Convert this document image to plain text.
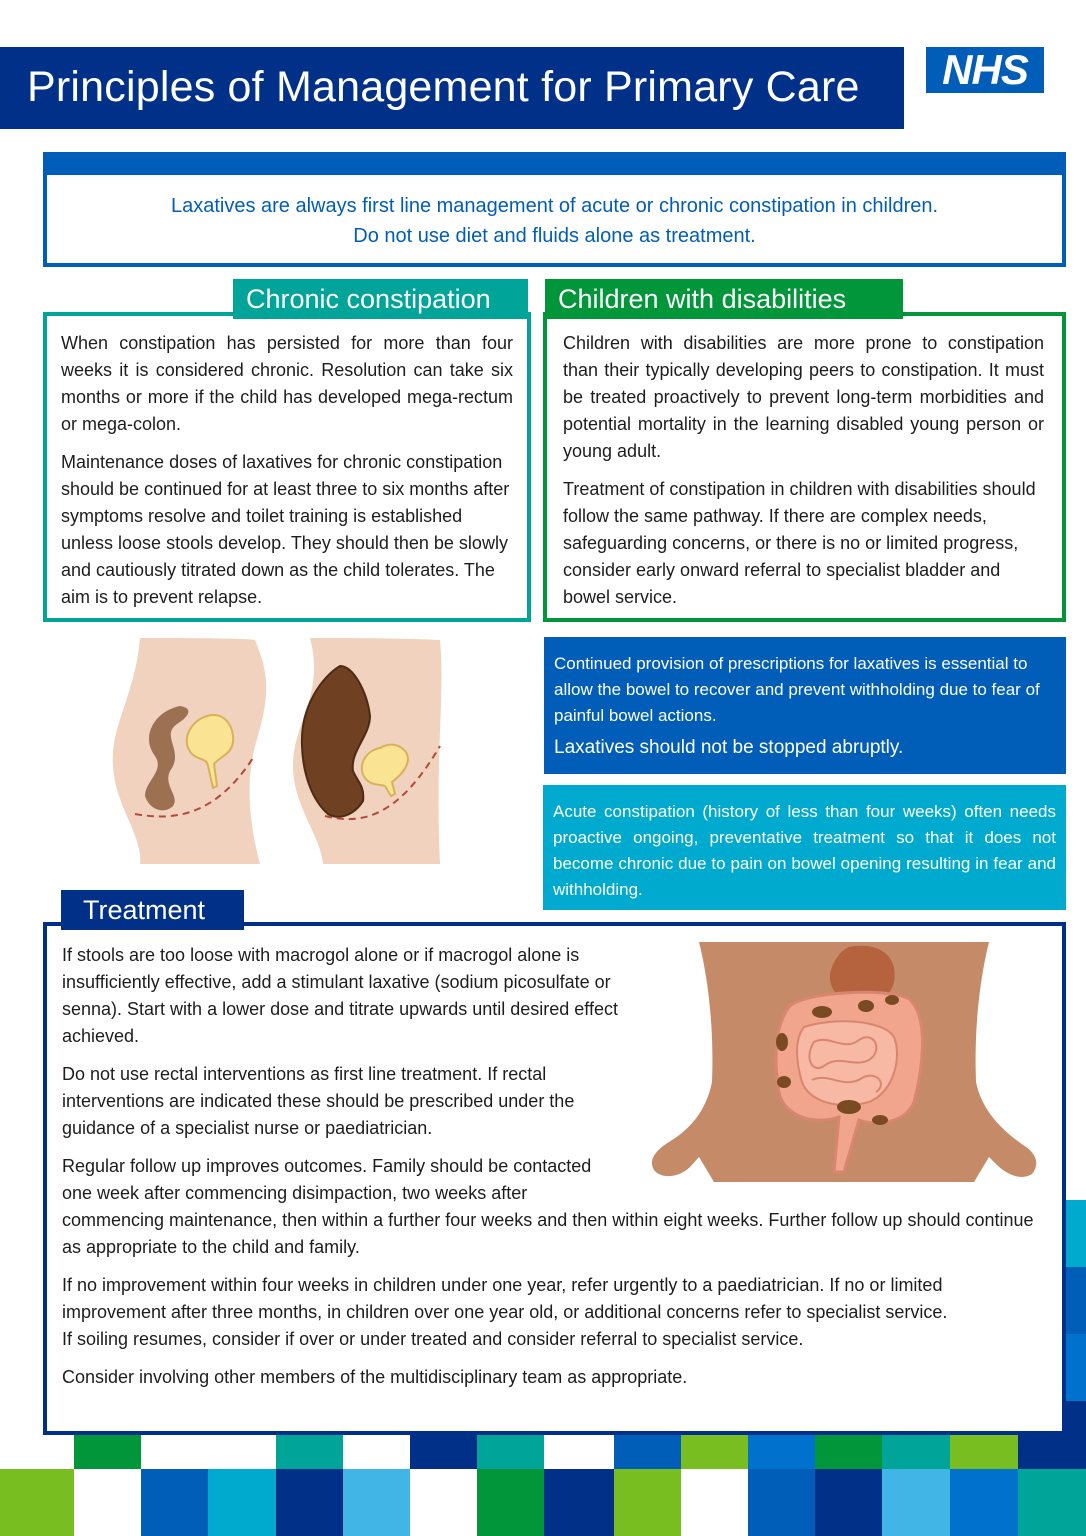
Principles of Management for Primary Care	NHS
Laxatives are always first line management of acute or chronic constipation in children.
Do not use diet and fluids alone as treatment.

When constipation has persisted for more than four weeks it is considered chronic. Resolution can take six months or more if the child has developed mega-rectum or mega-colon.

Maintenance doses of laxatives for chronic constipation should be continued for at least three to six months after symptoms resolve and toilet training is established unless loose stools develop. They should then be slowly and cautiously titrated down as the child tolerates. The aim is to prevent relapse.

Chronic constipation

Children with disabilities are more prone to constipation than their typically developing peers to constipation. It must be treated proactively to prevent long-term morbidities and potential mortality in the learning disabled young person or young adult.

Treatment of constipation in children with disabilities should follow the same pathway. If there are complex needs, safeguarding concerns, or there is no or limited progress, consider early onward referral to specialist bladder and bowel service.

Children with disabilities

Continued provision of prescriptions for laxatives is essential to allow the bowel to recover and prevent withholding due to fear of painful bowel actions.

Laxatives should not be stopped abruptly.

Acute constipation (history of less than four weeks) often needs proactive ongoing, preventative treatment so that it does not become chronic due to pain on bowel opening resulting in fear and withholding.

If stools are too loose with macrogol alone or if macrogol alone is insufficiently effective, add a stimulant laxative (sodium picosulfate or senna). Start with a lower dose and titrate upwards until desired effect achieved.

Do not use rectal interventions as first line treatment. If rectal interventions are indicated these should be prescribed under the guidance of a specialist nurse or paediatrician.

Regular follow up improves outcomes. Family should be contacted one week after commencing disimpaction, two weeks after commencing maintenance, then within a further four weeks and then within eight weeks. Further follow up should continue as appropriate to the child and family.

If no improvement within four weeks in children under one year, refer urgently to a paediatrician. If no or limited improvement after three months, in children over one year old, or additional concerns refer to specialist service.

If soiling resumes, consider if over or under treated and consider referral to specialist service.

Consider involving other members of the multidisciplinary team as appropriate.

Treatment
